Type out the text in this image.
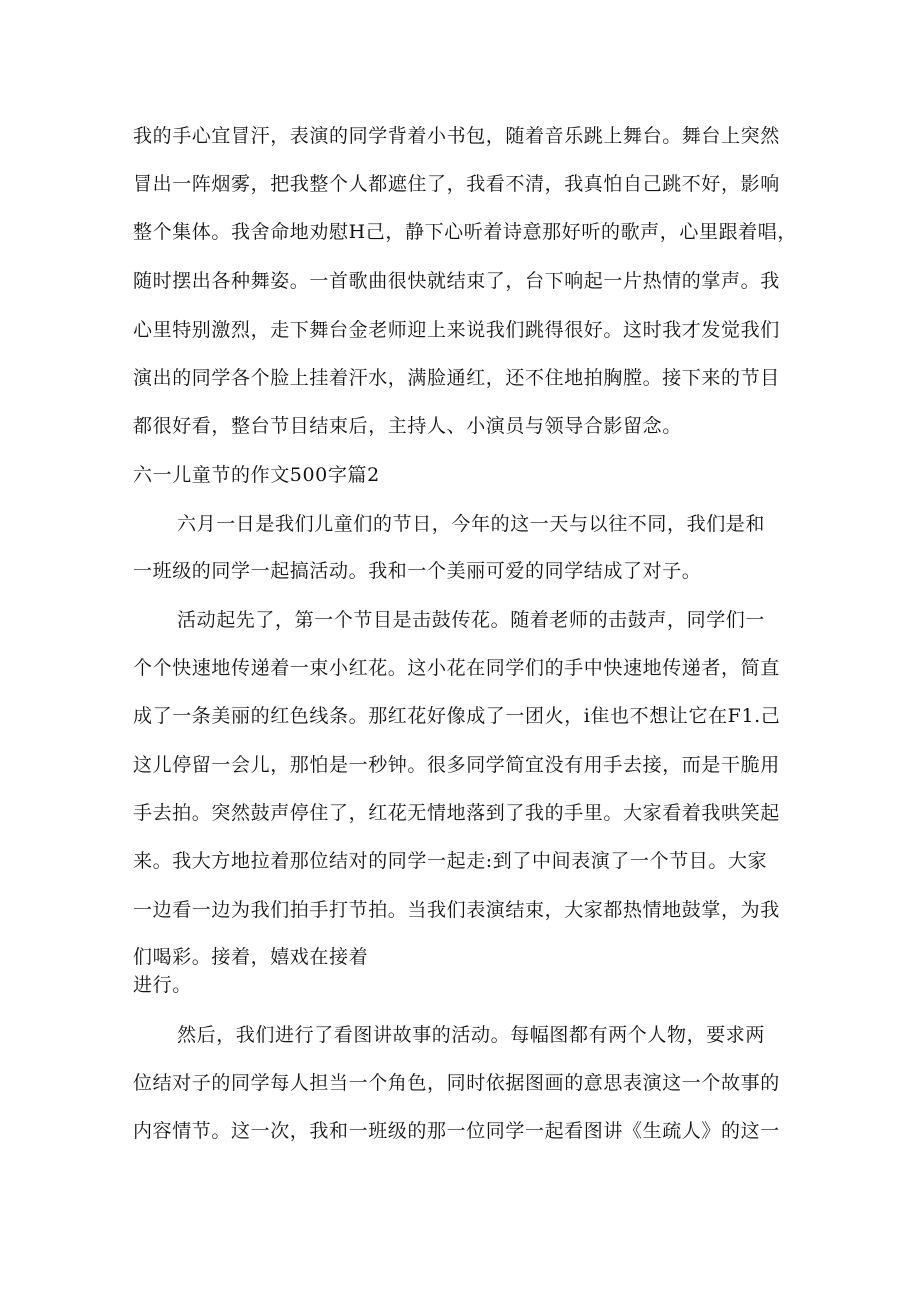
我的手心宜冒汗，表演的同学背着小书包，随着音乐跳上舞台。舞台上突然
冒出一阵烟雾，把我整个人都遮住了，我看不清，我真怕自己跳不好，影响
整个集体。我舍命地劝慰H己，静下心听着诗意那好听的歌声，心里跟着唱，
随时摆出各种舞姿。一首歌曲很快就结束了，台下响起一片热情的掌声。我
心里特别激烈，走下舞台金老师迎上来说我们跳得很好。这时我才发觉我们
演出的同学各个脸上挂着汗水，满脸通红，还不住地拍胸膛。接下来的节目
都很好看，整台节目结束后，主持人、小演员与领导合影留念。
六一儿童节的作文500字篇2
六月一日是我们儿童们的节日，今年的这一天与以往不同，我们是和
一班级的同学一起搞活动。我和一个美丽可爱的同学结成了对子。
活动起先了，第一个节目是击鼓传花。随着老师的击鼓声，同学们一
个个快速地传递着一束小红花。这小花在同学们的手中快速地传递者，简直
成了一条美丽的红色线条。那红花好像成了一团火，i隹也不想让它在F1.己
这儿停留一会儿，那怕是一秒钟。很多同学简宜没有用手去接，而是干脆用
手去拍。突然鼓声停住了，红花无情地落到了我的手里。大家看着我哄笑起
来。我大方地拉着那位结对的同学一起走:到了中间表演了一个节目。大家
一边看一边为我们拍手打节拍。当我们表演结束，大家都热情地鼓掌，为我
们喝彩。接着，嬉戏在接着
进行。
然后，我们进行了看图讲故事的活动。每幅图都有两个人物，要求两
位结对子的同学每人担当一个角色，同时依据图画的意思表演这一个故事的
内容情节。这一次，我和一班级的那一位同学一起看图讲《生疏人》的这一
